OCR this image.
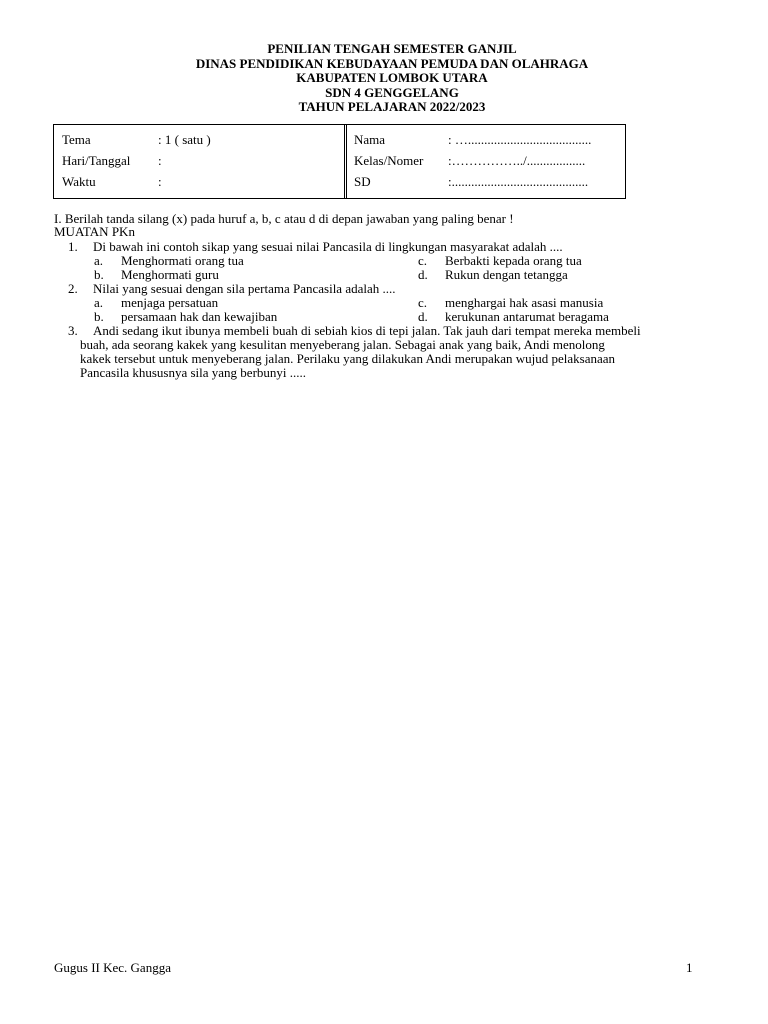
PENILIAN TENGAH SEMESTER GANJIL
DINAS PENDIDIKAN KEBUDAYAAN PEMUDA DAN OLAHRAGA
KABUPATEN LOMBOK UTARA
SDN 4 GENGGELANG
TAHUN PELAJARAN 2022/2023
Tema	: 1 ( satu )
Hari/Tanggal :
Waktu	:
Nama	: …......................................
Kelas/Nomer :……………../..................
SD	:..........................................
I. Berilah tanda silang (x) pada huruf a, b, c atau d di depan jawaban yang paling benar !
MUATAN PKn
1. Di bawah ini contoh sikap yang sesuai nilai Pancasila di lingkungan masyarakat adalah ....
a. Menghormati orang tua
b. Menghormati guru
c. Berbakti kepada orang tua
d. Rukun dengan tetangga
2. Nilai yang sesuai dengan sila pertama Pancasila adalah ....
a. menjaga persatuan
b. persamaan hak dan kewajiban
c. menghargai hak asasi manusia
d. kerukunan antarumat beragama
3. Andi sedang ikut ibunya membeli buah di sebiah kios di tepi jalan. Tak jauh dari tempat mereka membeli
buah, ada seorang kakek yang kesulitan menyeberang jalan. Sebagai anak yang baik, Andi menolong
kakek tersebut untuk menyeberang jalan. Perilaku yang dilakukan Andi merupakan wujud pelaksanaan
Pancasila khususnya sila yang berbunyi .....
Gugus II Kec. Gangga	1
